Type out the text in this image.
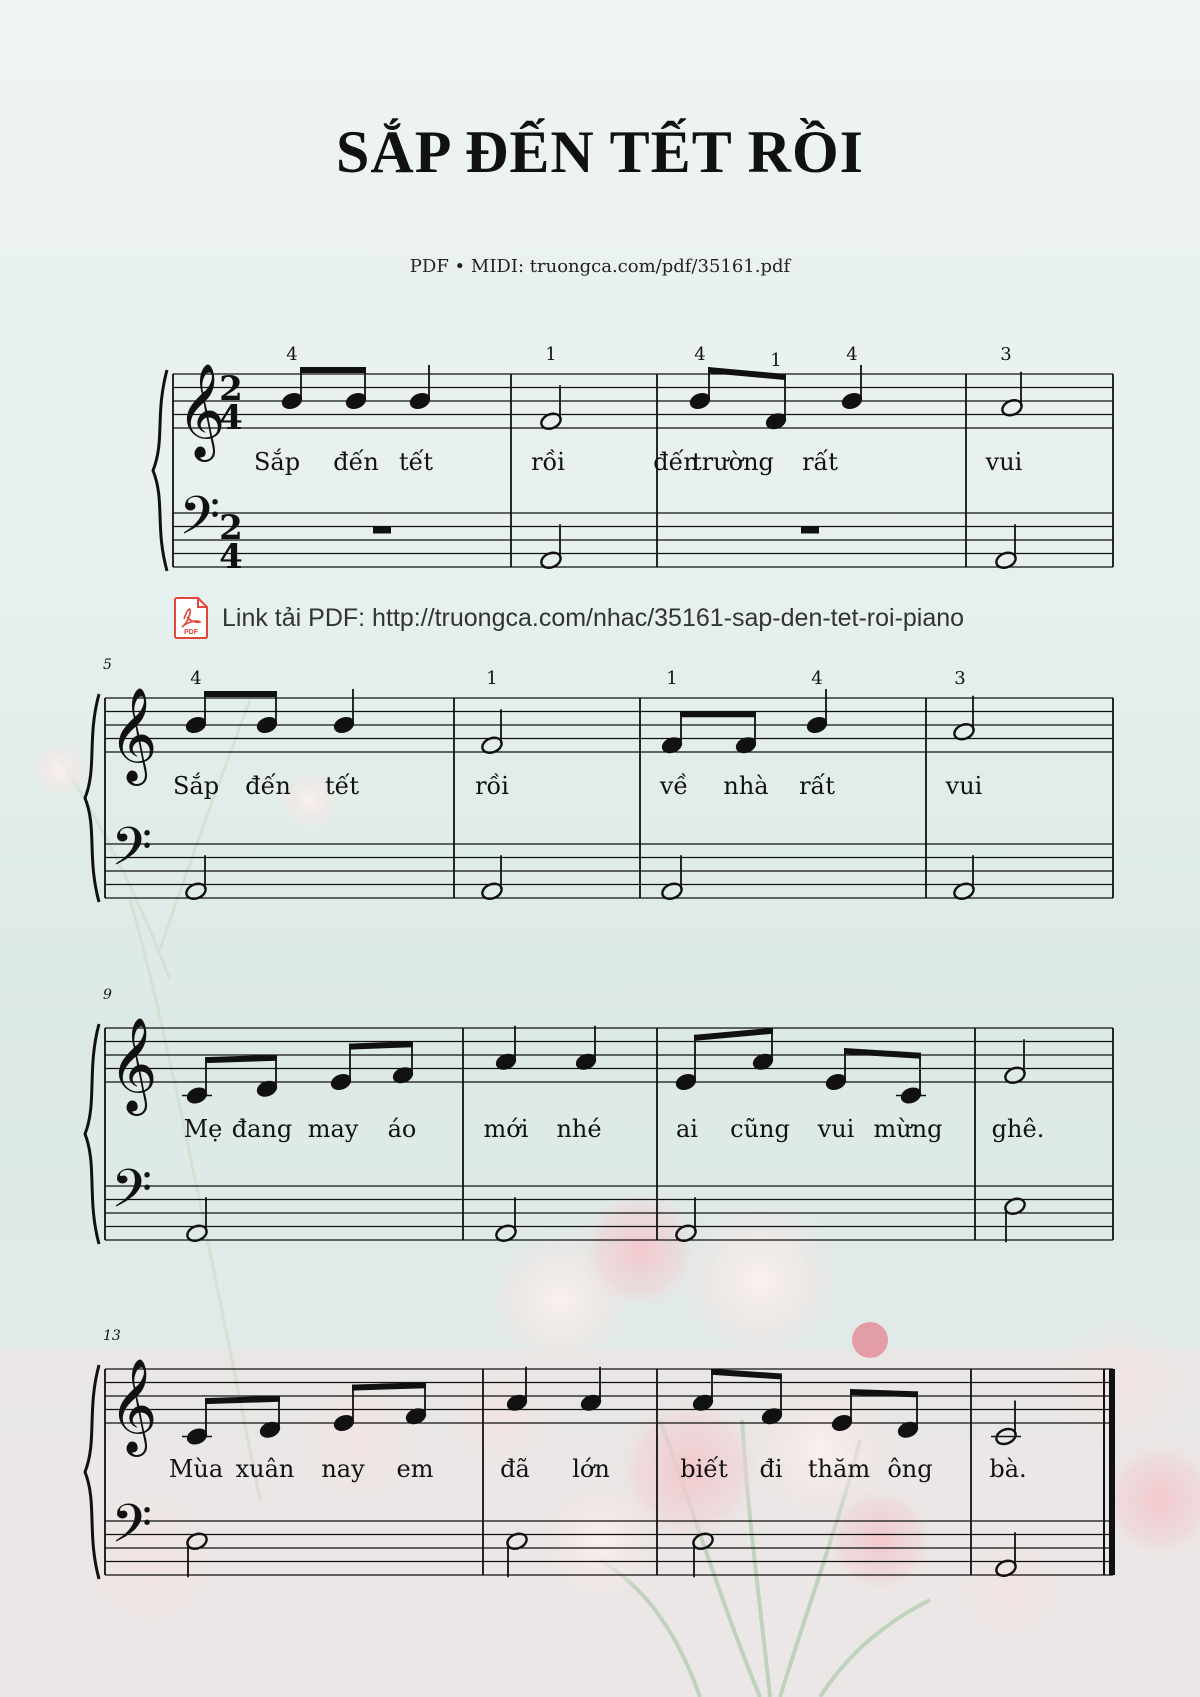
SẮP ĐẾN TẾT RỒI
PDF • MIDI: truongca.com/pdf/35161.pdf
𝄞
𝄢
2
4
2
4
4	1	4	1	4	3
Sắp đến tết	rồi	đến
trường rất	vui
𝄞
𝄢
5
4	1	1	4	3
Sắp đến tết	rồi	về nhà rất	vui
𝄞
𝄢
9
Mẹ đang may áo	mới nhé	ai cũng vui mừng ghê.
𝄞
𝄢
13
Mùa xuân nay em	đã lớn	biết đi thăm ông bà.
PDF
Link tải PDF: http://truongca.com/nhac/35161-sap-den-tet-roi-piano
